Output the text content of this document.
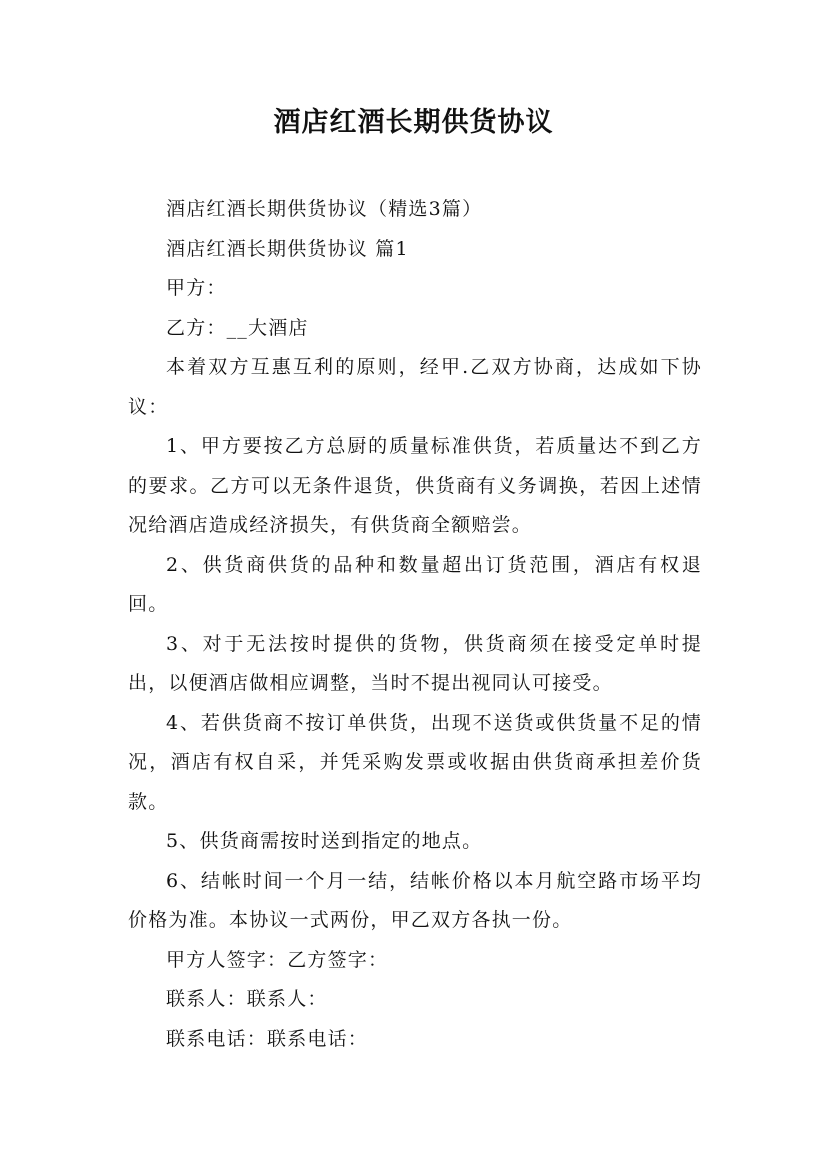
酒店红酒长期供货协议

酒店红酒长期供货协议（精选3篇）

酒店红酒长期供货协议 篇1

甲方：

乙方：__大酒店

本着双方互惠互利的原则，经甲.乙双方协商，达成如下协议：

1、甲方要按乙方总厨的质量标准供货，若质量达不到乙方的要求。乙方可以无条件退货，供货商有义务调换，若因上述情况给酒店造成经济损失，有供货商全额赔尝。

2、供货商供货的品种和数量超出订货范围，酒店有权退回。

3、对于无法按时提供的货物，供货商须在接受定单时提出，以便酒店做相应调整，当时不提出视同认可接受。

4、若供货商不按订单供货，出现不送货或供货量不足的情况，酒店有权自采，并凭采购发票或收据由供货商承担差价货款。

5、供货商需按时送到指定的地点。

6、结帐时间一个月一结，结帐价格以本月航空路市场平均价格为准。本协议一式两份，甲乙双方各执一份。

甲方人签字：乙方签字：

联系人：联系人：

联系电话：联系电话：
